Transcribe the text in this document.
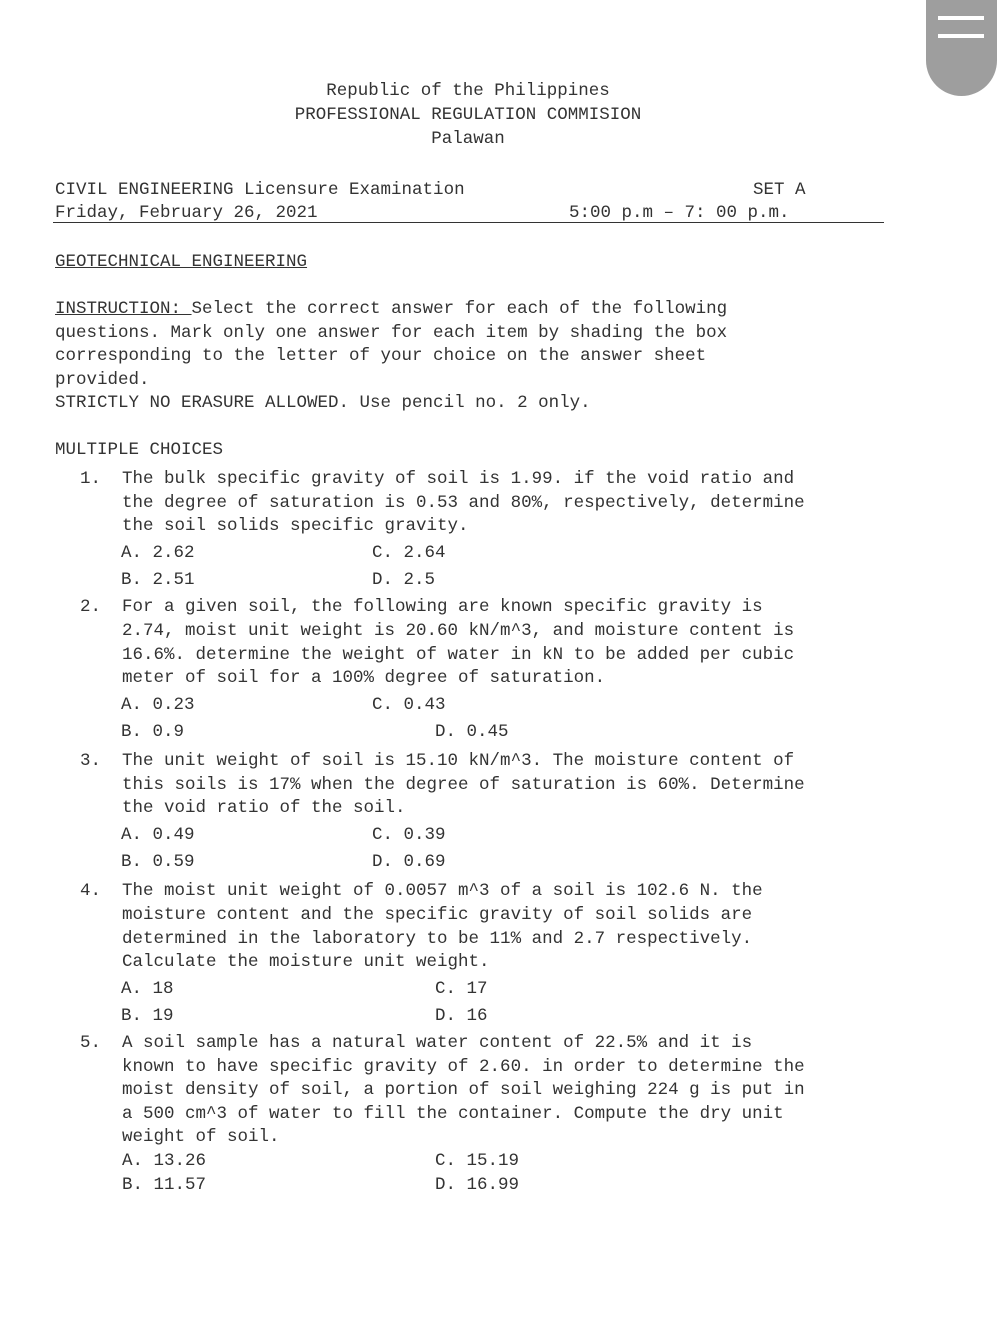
Republic of the Philippines
PROFESSIONAL REGULATION COMMISION
Palawan
CIVIL ENGINEERING Licensure Examination	SET A
Friday, February 26, 2021	5:00 p.m – 7: 00 p.m.
GEOTECHNICAL ENGINEERING
INSTRUCTION: Select the correct answer for each of the following
questions. Mark only one answer for each item by shading the box
corresponding to the letter of your choice on the answer sheet
provided.
STRICTLY NO ERASURE ALLOWED. Use pencil no. 2 only.
MULTIPLE CHOICES
1. The bulk specific gravity of soil is 1.99. if the void ratio and
the degree of saturation is 0.53 and 80%, respectively, determine
the soil solids specific gravity.
A. 2.62	C. 2.64
B. 2.51	D. 2.5
2. For a given soil, the following are known specific gravity is
2.74, moist unit weight is 20.60 kN/m^3, and moisture content is
16.6%. determine the weight of water in kN to be added per cubic
meter of soil for a 100% degree of saturation.
A. 0.23	C. 0.43
B. 0.9	D. 0.45
3. The unit weight of soil is 15.10 kN/m^3. The moisture content of
this soils is 17% when the degree of saturation is 60%. Determine
the void ratio of the soil.
A. 0.49	C. 0.39
B. 0.59	D. 0.69
4. The moist unit weight of 0.0057 m^3 of a soil is 102.6 N. the
moisture content and the specific gravity of soil solids are
determined in the laboratory to be 11% and 2.7 respectively.
Calculate the moisture unit weight.
A. 18	C. 17
B. 19	D. 16
5. A soil sample has a natural water content of 22.5% and it is
known to have specific gravity of 2.60. in order to determine the
moist density of soil, a portion of soil weighing 224 g is put in
a 500 cm^3 of water to fill the container. Compute the dry unit
weight of soil.
A. 13.26	C. 15.19
B. 11.57	D. 16.99
